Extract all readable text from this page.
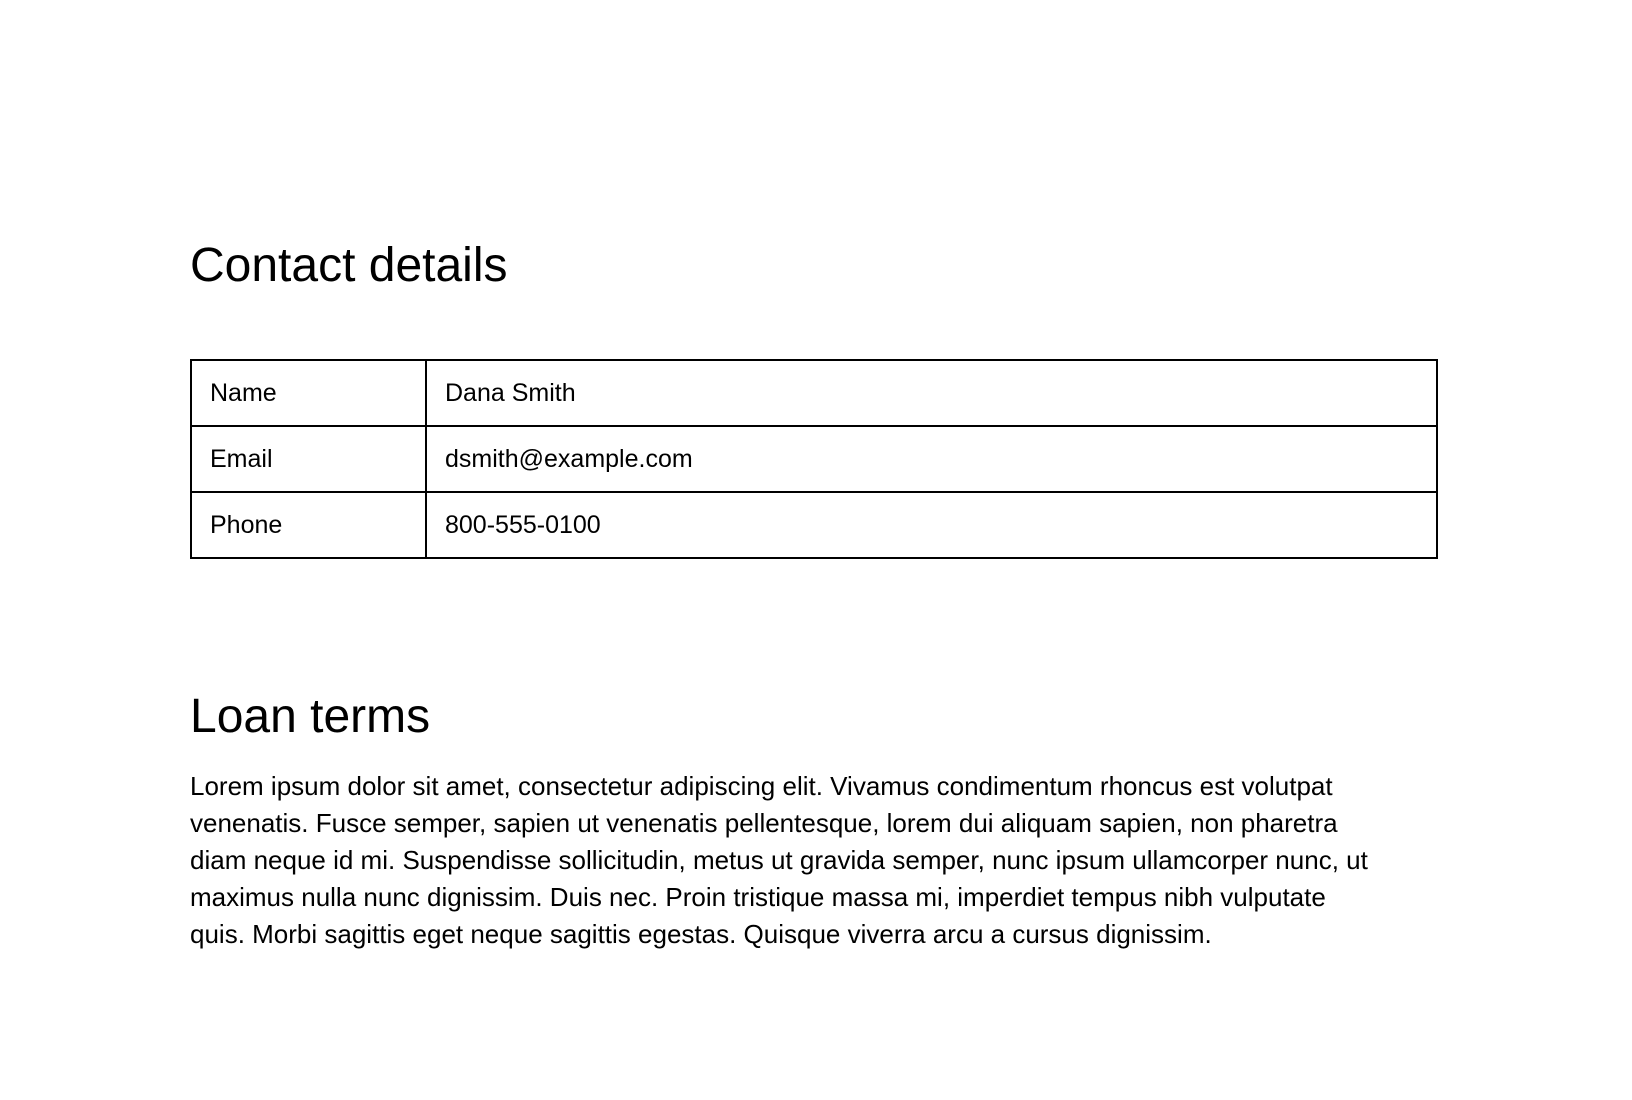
Contact details
Name	Dana Smith
Email	dsmith@example.com
Phone	800-555-0100
Loan terms

Lorem ipsum dolor sit amet, consectetur adipiscing elit. Vivamus condimentum rhoncus est volutpat venenatis. Fusce semper, sapien ut venenatis pellentesque, lorem dui aliquam sapien, non pharetra diam neque id mi. Suspendisse sollicitudin, metus ut gravida semper, nunc ipsum ullamcorper nunc, ut maximus nulla nunc dignissim. Duis nec. Proin tristique massa mi, imperdiet tempus nibh vulputate quis. Morbi sagittis eget neque sagittis egestas. Quisque viverra arcu a cursus dignissim.
